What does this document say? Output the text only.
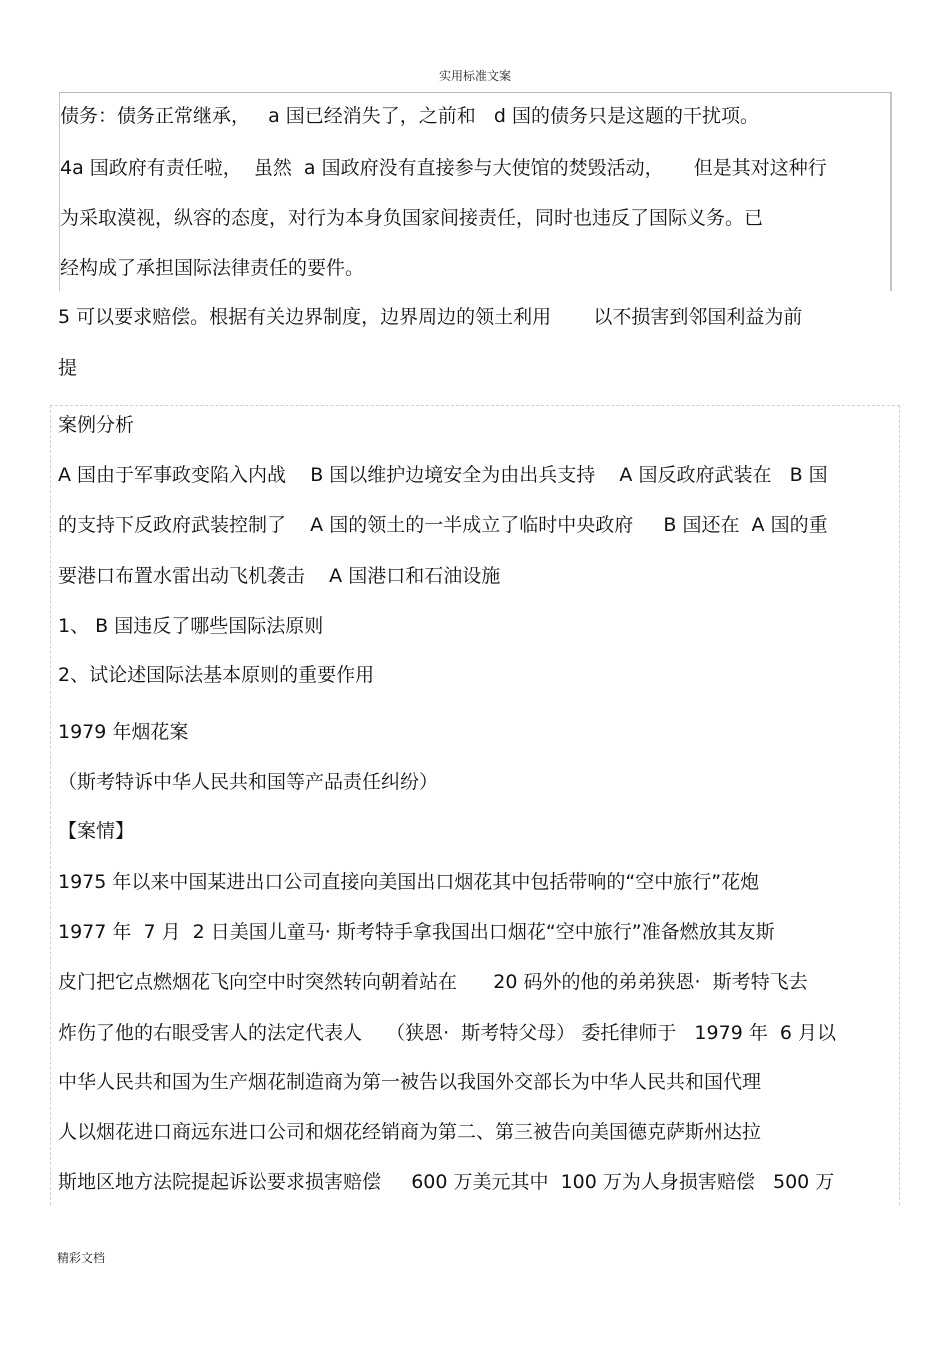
实用标准文案
债务：债务正常继承，   a 国已经消失了，之前和   d 国的债务只是这题的干扰项。
4a 国政府有责任啦，  虽然  a 国政府没有直接参与大使馆的焚毁活动，     但是其对这种行
为采取漠视，纵容的态度，对行为本身负国家间接责任，同时也违反了国际义务。已
经构成了承担国际法律责任的要件。
5 可以要求赔偿。根据有关边界制度，边界周边的领土利用       以不损害到邻国利益为前
提
案例分析
A 国由于军事政变陷入内战    B 国以维护边境安全为由出兵支持    A 国反政府武装在   B 国
的支持下反政府武装控制了    A 国的领土的一半成立了临时中央政府     B 国还在  A 国的重
要港口布置水雷出动飞机袭击    A 国港口和石油设施
1、 B 国违反了哪些国际法原则
2、试论述国际法基本原则的重要作用
1979 年烟花案
（斯考特诉中华人民共和国等产品责任纠纷）
【案情】
1975 年以来中国某进出口公司直接向美国出口烟花其中包括带响的“空中旅行”花炮
1977 年  7 月  2 日美国儿童马· 斯考特手拿我国出口烟花“空中旅行”准备燃放其友斯
皮门把它点燃烟花飞向空中时突然转向朝着站在      20 码外的他的弟弟狭恩·  斯考特飞去
炸伤了他的右眼受害人的法定代表人    （狭恩·  斯考特父母） 委托律师于   1979 年  6 月以
中华人民共和国为生产烟花制造商为第一被告以我国外交部长为中华人民共和国代理
人以烟花进口商远东进口公司和烟花经销商为第二、第三被告向美国德克萨斯州达拉
斯地区地方法院提起诉讼要求损害赔偿     600 万美元其中  100 万为人身损害赔偿   500 万
精彩文档
